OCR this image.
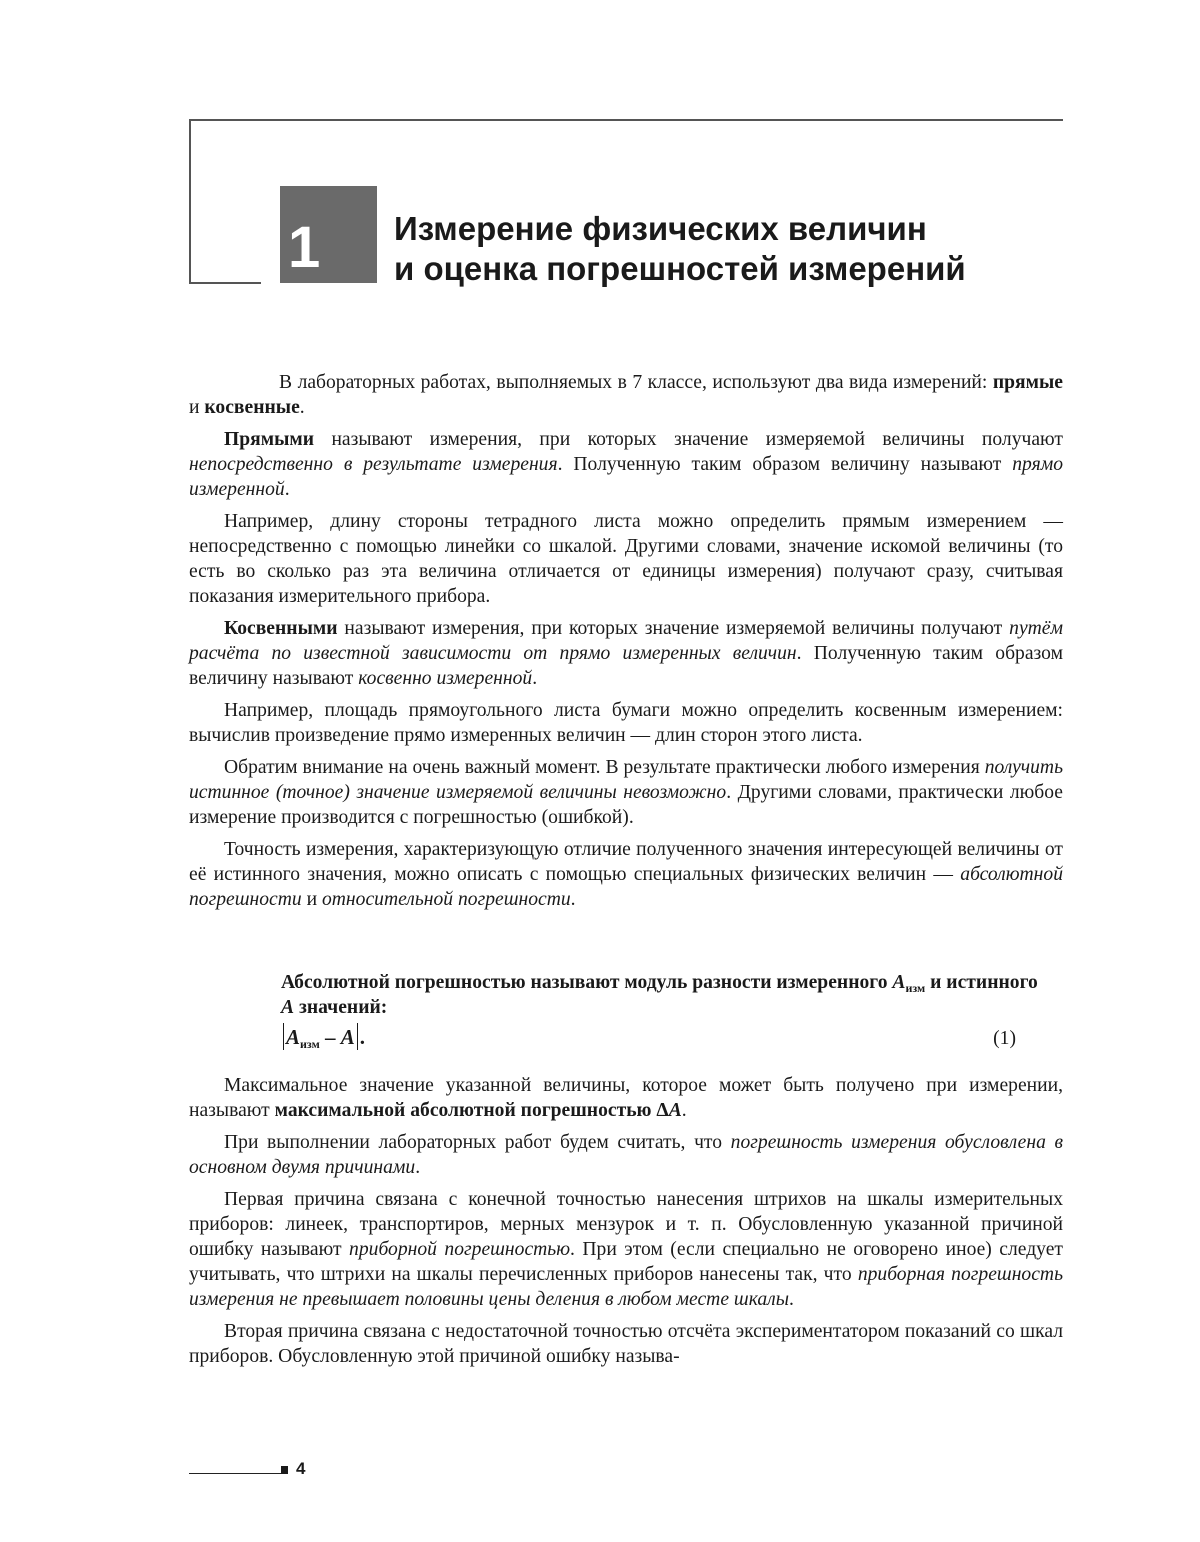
1 Измерение физических величин
и оценка погрешностей измерений

В лабораторных работах, выполняемых в 7 классе, используют два вида измерений: прямые и косвенные.

Прямыми называют измерения, при которых значение измеряемой величины получают непосредственно в результате измерения. Полученную таким образом величину называют прямо измеренной.

Например, длину стороны тетрадного листа можно определить прямым измерением — непосредственно с помощью линейки со шкалой. Другими словами, значение искомой величины (то есть во сколько раз эта величина отличается от единицы измерения) получают сразу, считывая показания измерительного прибора.

Косвенными называют измерения, при которых значение измеряемой величины получают путём расчёта по известной зависимости от прямо измеренных величин. Полученную таким образом величину называют косвенно измеренной.

Например, площадь прямоугольного листа бумаги можно определить косвенным измерением: вычислив произведение прямо измеренных величин — длин сторон этого листа.

Обратим внимание на очень важный момент. В результате практически любого измерения получить истинное (точное) значение измеряемой величины невозможно. Другими словами, практически любое измерение производится с погрешностью (ошибкой).

Точность измерения, характеризующую отличие полученного значения интересующей величины от её истинного значения, можно описать с помощью специальных физических величин — абсолютной погрешности и относительной погрешности.

Абсолютной погрешностью называют модуль разности измеренного $A_{изм}$ и истинного A значений:

$A_{изм}$ – A .	(1)

Максимальное значение указанной величины, которое может быть получено при измерении, называют максимальной абсолютной погрешностью ΔA.

При выполнении лабораторных работ будем считать, что погрешность измерения обусловлена в основном двумя причинами.

Первая причина связана с конечной точностью нанесения штрихов на шкалы измерительных приборов: линеек, транспортиров, мерных мензурок и т. п. Обусловленную указанной причиной ошибку называют приборной погрешностью. При этом (если специально не оговорено иное) следует учитывать, что штрихи на шкалы перечисленных приборов нанесены так, что приборная погрешность измерения не превышает половины цены деления в любом месте шкалы.

Вторая причина связана с недостаточной точностью отсчёта экспериментатором показаний со шкал приборов. Обусловленную этой причиной ошибку называ-

4
